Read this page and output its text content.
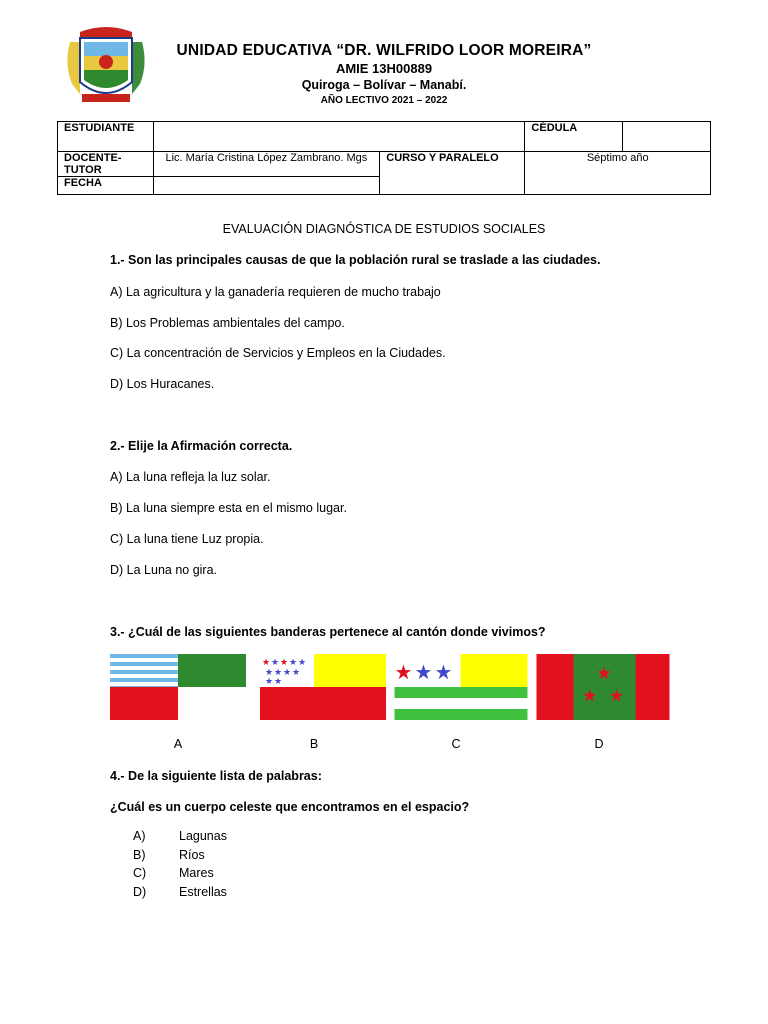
UNIDAD EDUCATIVA “DR. WILFRIDO LOOR MOREIRA”
AMIE 13H00889
Quiroga – Bolívar – Manabí.
AÑO LECTIVO 2021 – 2022
ESTUDIANTE			CÉDULA	
DOCENTE-TUTOR	Lic. María Cristina López Zambrano. Mgs	CURSO Y PARALELO	Séptimo año	
FECHA				
EVALUACIÓN DIAGNÓSTICA DE ESTUDIOS SOCIALES
1.- Son las principales causas de que la población rural se traslade a las ciudades.
A) La agricultura y la ganadería requieren de mucho trabajo
B) Los Problemas ambientales del campo.
C) La concentración de Servicios y Empleos en la Ciudades.
D) Los Huracanes.
2.- Elije la Afirmación correcta.
A) La luna refleja la luz solar.
B) La luna siempre esta en el mismo lugar.
C) La luna tiene Luz propia.
D) La Luna no gira.
3.- ¿Cuál de las siguientes banderas pertenece al cantón donde vivimos?
★ ★ ★ ★ ★
★ ★ ★ ★
★ ★	★ ★ ★	★
★ ★
A	B	C	D
4.- De la siguiente lista de palabras:
¿Cuál es un cuerpo celeste que encontramos en el espacio?
A)	Lagunas
B)	Ríos
C)	Mares
D)	Estrellas
